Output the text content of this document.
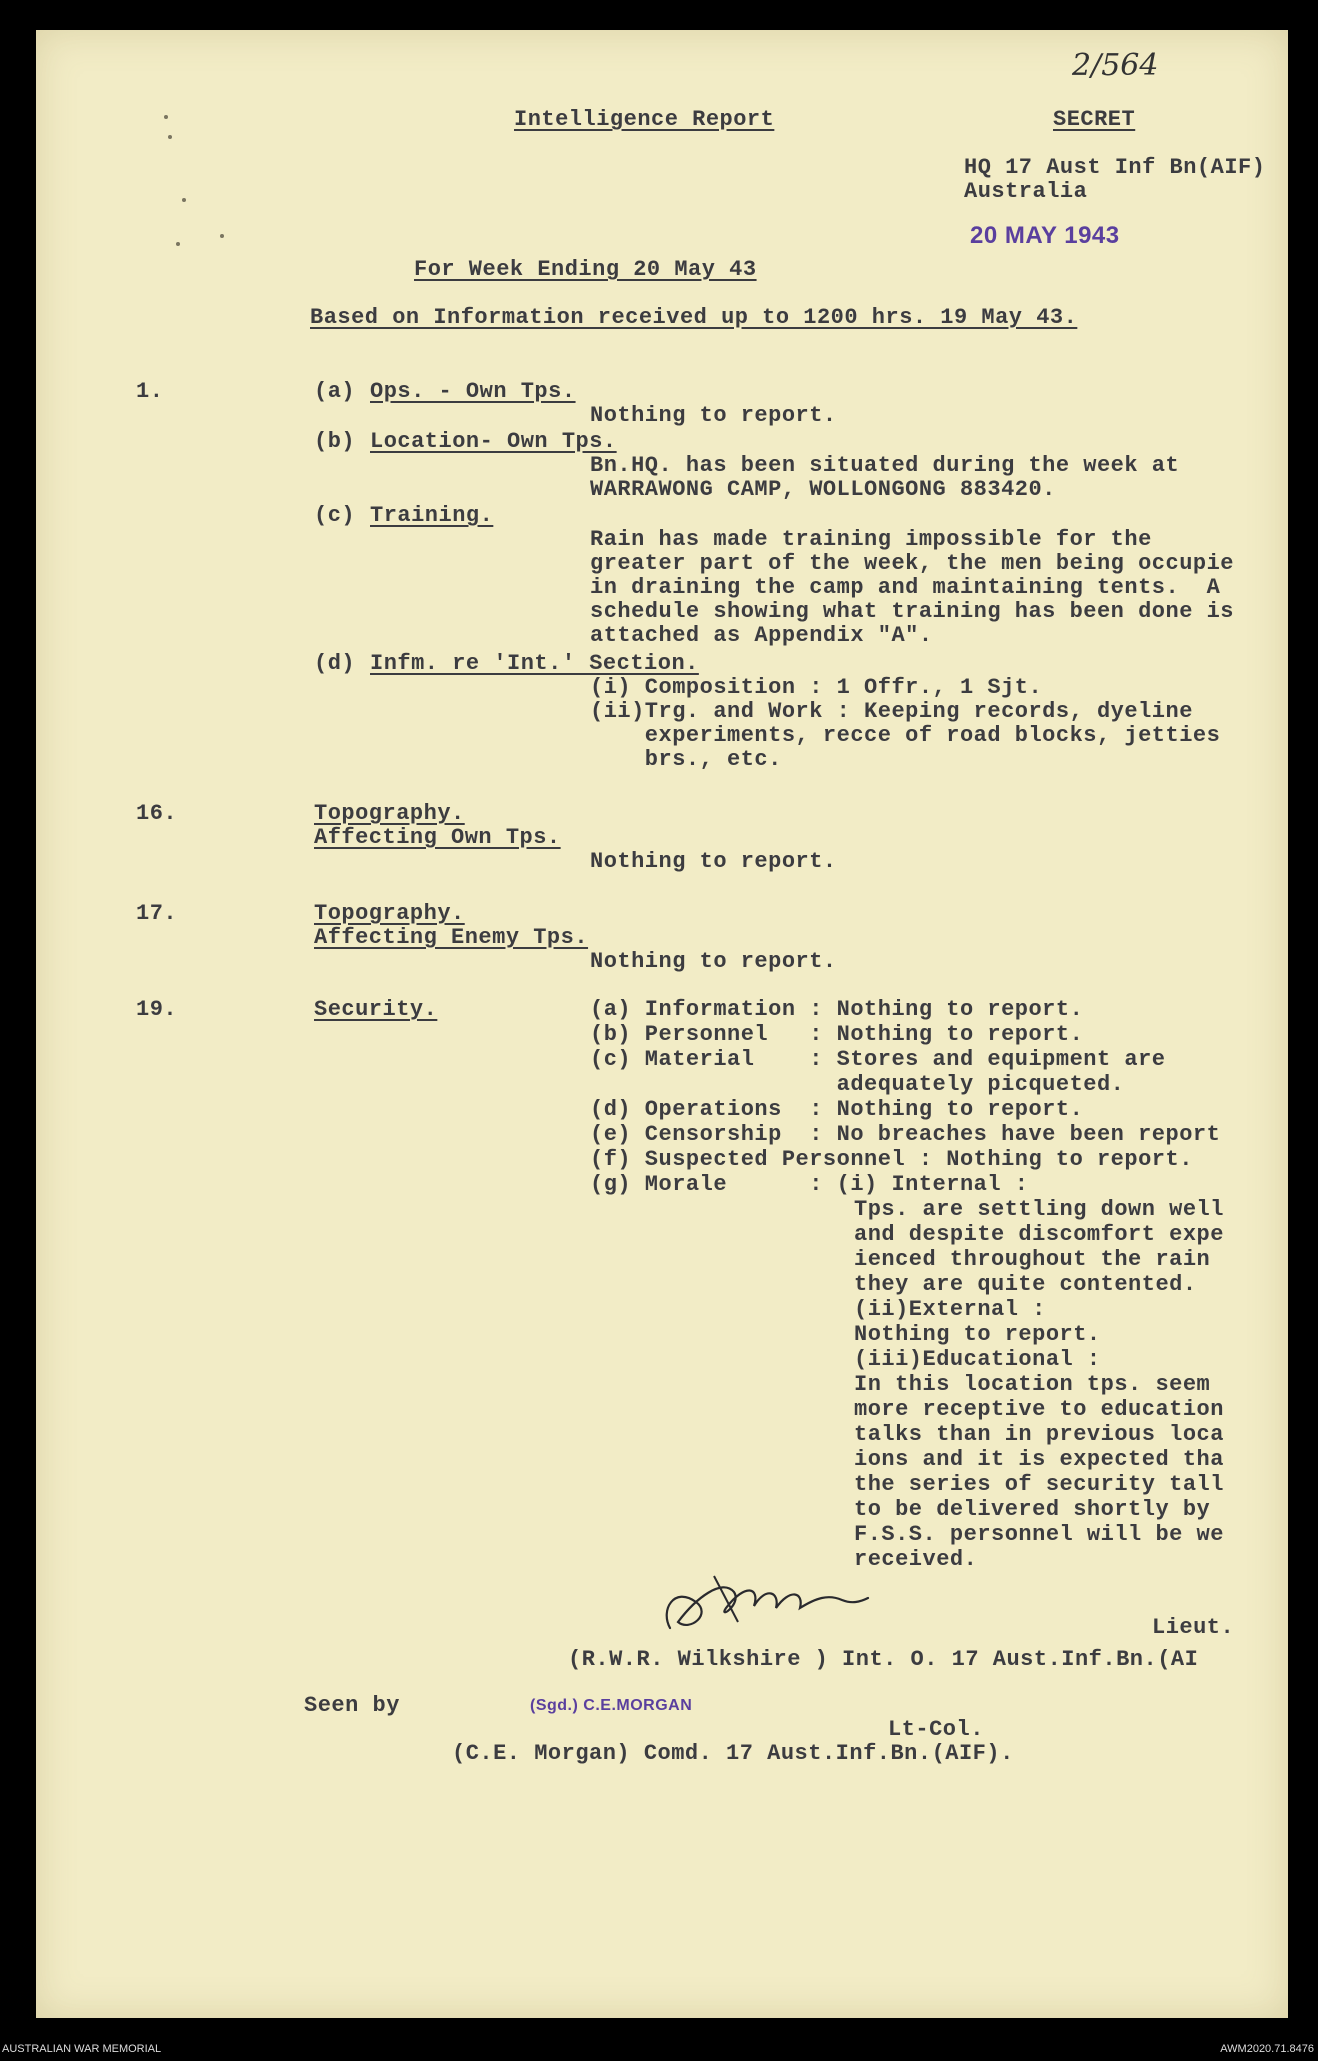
2/564
Intelligence Report	SECRET
HQ 17 Aust Inf Bn(AIF)
Australia
20 MAY 1943
For Week Ending 20 May 43
Based on Information received up to 1200 hrs. 19 May 43.
1.	(a) Ops. - Own Tps.
Nothing to report.
(b) Location- Own Tps.
Bn.HQ. has been situated during the week at
WARRAWONG CAMP, WOLLONGONG 883420.
(c) Training.
Rain has made training impossible for the
greater part of the week, the men being occupie
in draining the camp and maintaining tents.  A
schedule showing what training has been done is
attached as Appendix "A".
(d) Infm. re 'Int.' Section.
(i) Composition : 1 Offr., 1 Sjt.
(ii)Trg. and Work : Keeping records, dyeline
experiments, recce of road blocks, jetties
brs., etc.
16.	Topography.
Affecting Own Tps.
Nothing to report.
17.	Topography.
Affecting Enemy Tps.
Nothing to report.
19.	Security.	(a) Information : Nothing to report.
(b) Personnel   : Nothing to report.
(c) Material    : Stores and equipment are
adequately picqueted.
(d) Operations  : Nothing to report.
(e) Censorship  : No breaches have been report
(f) Suspected Personnel : Nothing to report.
(g) Morale      : (i) Internal :
Tps. are settling down well
and despite discomfort expe
ienced throughout the rain
they are quite contented.
(ii)External :
Nothing to report.
(iii)Educational :
In this location tps. seem
more receptive to education
talks than in previous loca
ions and it is expected tha
the series of security tall
to be delivered shortly by
F.S.S. personnel will be we
received.
Lieut.
(R.W.R. Wilkshire ) Int. O. 17 Aust.Inf.Bn.(AI
Seen by	(Sgd.) C.E.MORGAN
Lt-Col.
(C.E. Morgan) Comd. 17 Aust.Inf.Bn.(AIF).
AUSTRALIAN WAR MEMORIAL	AWM2020.71.8476
